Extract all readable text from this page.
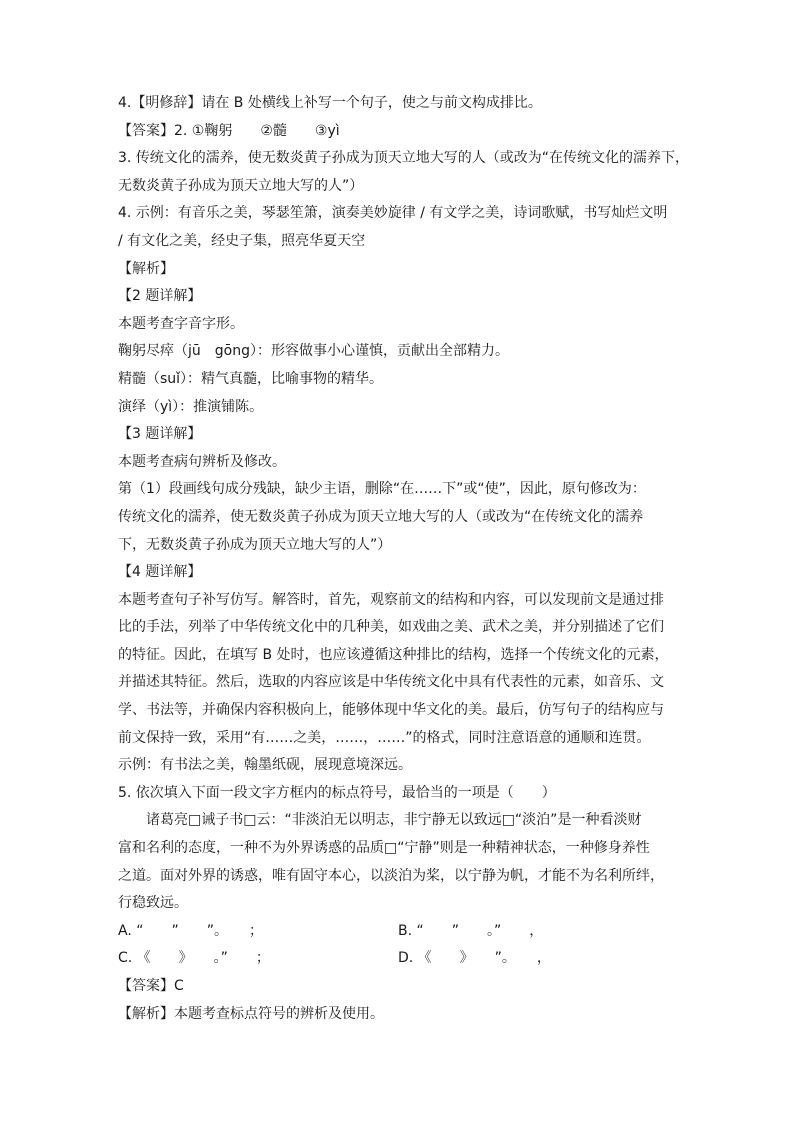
4.【明修辞】请在 B 处横线上补写一个句子，使之与前文构成排比。
【答案】2. ①鞠躬　　②髓　　③yì
3. 传统文化的濡养，使无数炎黄子孙成为顶天立地大写的人（或改为“在传统文化的濡养下，
无数炎黄子孙成为顶天立地大写的人”）
4. 示例：有音乐之美，琴瑟笙箫，演奏美妙旋律 / 有文学之美，诗词歌赋，书写灿烂文明
/ 有文化之美，经史子集，照亮华夏天空
【解析】
【2 题详解】
本题考查字音字形。
鞠躬尽瘁（jū　gōng）：形容做事小心谨慎，贡献出全部精力。
精髓（suǐ）：精气真髓，比喻事物的精华。
演绎（yì）：推演铺陈。
【3 题详解】
本题考查病句辨析及修改。
第（1）段画线句成分残缺，缺少主语，删除“在……下”或“使”，因此，原句修改为：
传统文化的濡养，使无数炎黄子孙成为顶天立地大写的人（或改为“在传统文化的濡养
下，无数炎黄子孙成为顶天立地大写的人”）
【4 题详解】
本题考查句子补写仿写。解答时，首先，观察前文的结构和内容，可以发现前文是通过排
比的手法，列举了中华传统文化中的几种美，如戏曲之美、武术之美，并分别描述了它们
的特征。因此，在填写 B 处时，也应该遵循这种排比的结构，选择一个传统文化的元素，
并描述其特征。然后，选取的内容应该是中华传统文化中具有代表性的元素，如音乐、文
学、书法等，并确保内容积极向上，能够体现中华文化的美。最后，仿写句子的结构应与
前文保持一致，采用“有……之美，……，……”的格式，同时注意语意的通顺和连贯。
示例：有书法之美，翰墨纸砚，展现意境深远。
5. 依次填入下面一段文字方框内的标点符号，最恰当的一项是（　　）
诸葛亮□诫子书□云：“非淡泊无以明志，非宁静无以致远□“淡泊”是一种看淡财
富和名利的态度，一种不为外界诱惑的品质□“宁静”则是一种精神状态，一种修身养性
之道。面对外界的诱惑，唯有固守本心，以淡泊为桨，以宁静为帆，才能不为名利所绊，
行稳致远。
A. “　　”　　”。　　；	B. “　　”　　。”　　，
C. 《　　》　　。”　　；	D. 《　　》　　”。　　，
【答案】C
【解析】本题考查标点符号的辨析及使用。
